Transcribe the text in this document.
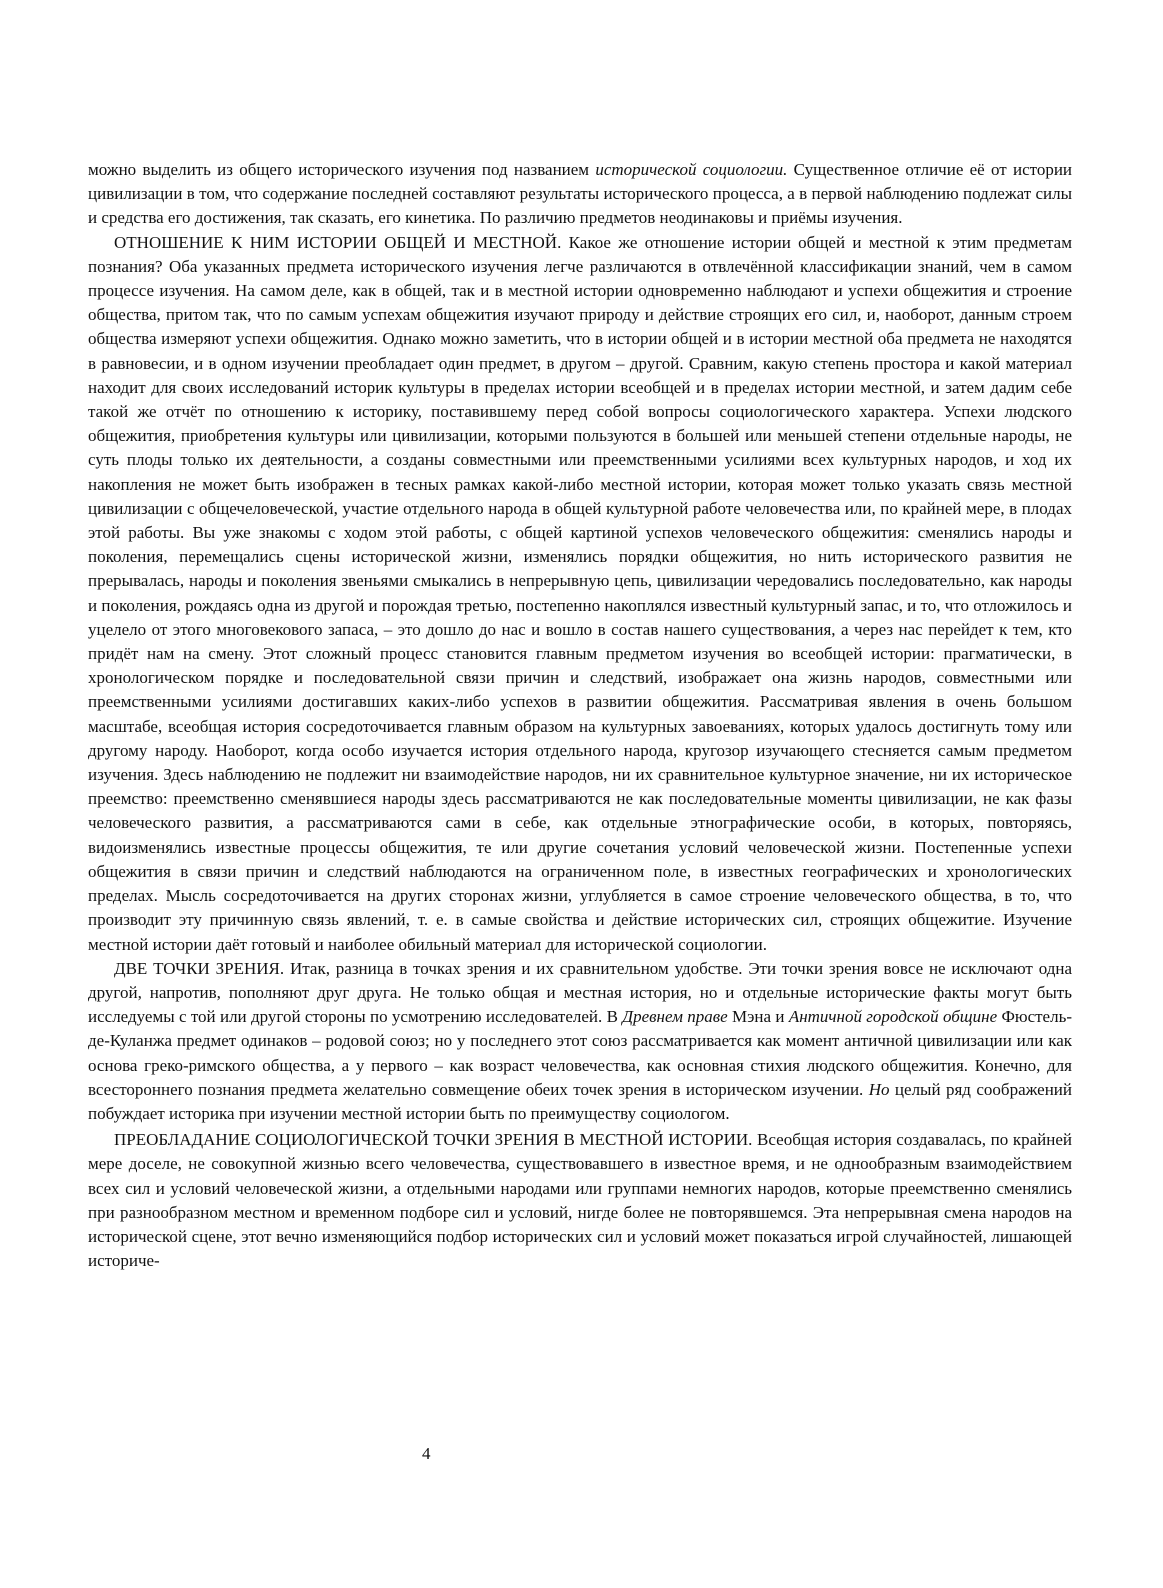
можно выделить из общего исторического изучения под названием исторической социологии. Существенное отличие её от истории цивилизации в том, что содержание последней составляют результаты исторического процесса, а в первой наблюдению подлежат силы и средства его достижения, так сказать, его кинетика. По различию предметов неодинаковы и приёмы изучения.

ОТНОШЕНИЕ К НИМ ИСТОРИИ ОБЩЕЙ И МЕСТНОЙ. Какое же отношение истории общей и местной к этим предметам познания? Оба указанных предмета исторического изучения легче различаются в отвлечённой классификации знаний, чем в самом процессе изучения. На самом деле, как в общей, так и в местной истории одновременно наблюдают и успехи общежития и строение общества, притом так, что по самым успехам общежития изучают природу и действие строящих его сил, и, наоборот, данным строем общества измеряют успехи общежития. Однако можно заметить, что в истории общей и в истории местной оба предмета не находятся в равновесии, и в одном изучении преобладает один предмет, в другом – другой. Сравним, какую степень простора и какой материал находит для своих исследований историк культуры в пределах истории всеобщей и в пределах истории местной, и затем дадим себе такой же отчёт по отношению к историку, поставившему перед собой вопросы социологического характера. Успехи людского общежития, приобретения культуры или цивилизации, которыми пользуются в большей или меньшей степени отдельные народы, не суть плоды только их деятельности, а созданы совместными или преемственными усилиями всех культурных народов, и ход их накопления не может быть изображен в тесных рамках какой-либо местной истории, которая может только указать связь местной цивилизации с общечеловеческой, участие отдельного народа в общей культурной работе человечества или, по крайней мере, в плодах этой работы. Вы уже знакомы с ходом этой работы, с общей картиной успехов человеческого общежития: сменялись народы и поколения, перемещались сцены исторической жизни, изменялись порядки общежития, но нить исторического развития не прерывалась, народы и поколения звеньями смыкались в непрерывную цепь, цивилизации чередовались последовательно, как народы и поколения, рождаясь одна из другой и порождая третью, постепенно накоплялся известный культурный запас, и то, что отложилось и уцелело от этого многовекового запаса, – это дошло до нас и вошло в состав нашего существования, а через нас перейдет к тем, кто придёт нам на смену. Этот сложный процесс становится главным предметом изучения во всеобщей истории: прагматически, в хронологическом порядке и последовательной связи причин и следствий, изображает она жизнь народов, совместными или преемственными усилиями достигавших каких-либо успехов в развитии общежития. Рассматривая явления в очень большом масштабе, всеобщая история сосредоточивается главным образом на культурных завоеваниях, которых удалось достигнуть тому или другому народу. Наоборот, когда особо изучается история отдельного народа, кругозор изучающего стесняется самым предметом изучения. Здесь наблюдению не подлежит ни взаимодействие народов, ни их сравнительное культурное значение, ни их историческое преемство: преемственно сменявшиеся народы здесь рассматриваются не как последовательные моменты цивилизации, не как фазы человеческого развития, а рассматриваются сами в себе, как отдельные этнографические особи, в которых, повторяясь, видоизменялись известные процессы общежития, те или другие сочетания условий человеческой жизни. Постепенные успехи общежития в связи причин и следствий наблюдаются на ограниченном поле, в известных географических и хронологических пределах. Мысль сосредоточивается на других сторонах жизни, углубляется в самое строение человеческого общества, в то, что производит эту причинную связь явлений, т. е. в самые свойства и действие исторических сил, строящих общежитие. Изучение местной истории даёт готовый и наиболее обильный материал для исторической социологии.

ДВЕ ТОЧКИ ЗРЕНИЯ. Итак, разница в точках зрения и их сравнительном удобстве. Эти точки зрения вовсе не исключают одна другой, напротив, пополняют друг друга. Не только общая и местная история, но и отдельные исторические факты могут быть исследуемы с той или другой стороны по усмотрению исследователей. В Древнем праве Мэна и Античной городской общине Фюстель-де-Куланжа предмет одинаков – родовой союз; но у последнего этот союз рассматривается как момент античной цивилизации или как основа греко-римского общества, а у первого – как возраст человечества, как основная стихия людского общежития. Конечно, для всестороннего познания предмета желательно совмещение обеих точек зрения в историческом изучении. Но целый ряд соображений побуждает историка при изучении местной истории быть по преимуществу социологом.

ПРЕОБЛАДАНИЕ СОЦИОЛОГИЧЕСКОЙ ТОЧКИ ЗРЕНИЯ В МЕСТНОЙ ИСТОРИИ. Всеобщая история создавалась, по крайней мере доселе, не совокупной жизнью всего человечества, существовавшего в известное время, и не однообразным взаимодействием всех сил и условий человеческой жизни, а отдельными народами или группами немногих народов, которые преемственно сменялись при разнообразном местном и временном подборе сил и условий, нигде более не повторявшемся. Эта непрерывная смена народов на исторической сцене, этот вечно изменяющийся подбор исторических сил и условий может показаться игрой случайностей, лишающей историче-

4
